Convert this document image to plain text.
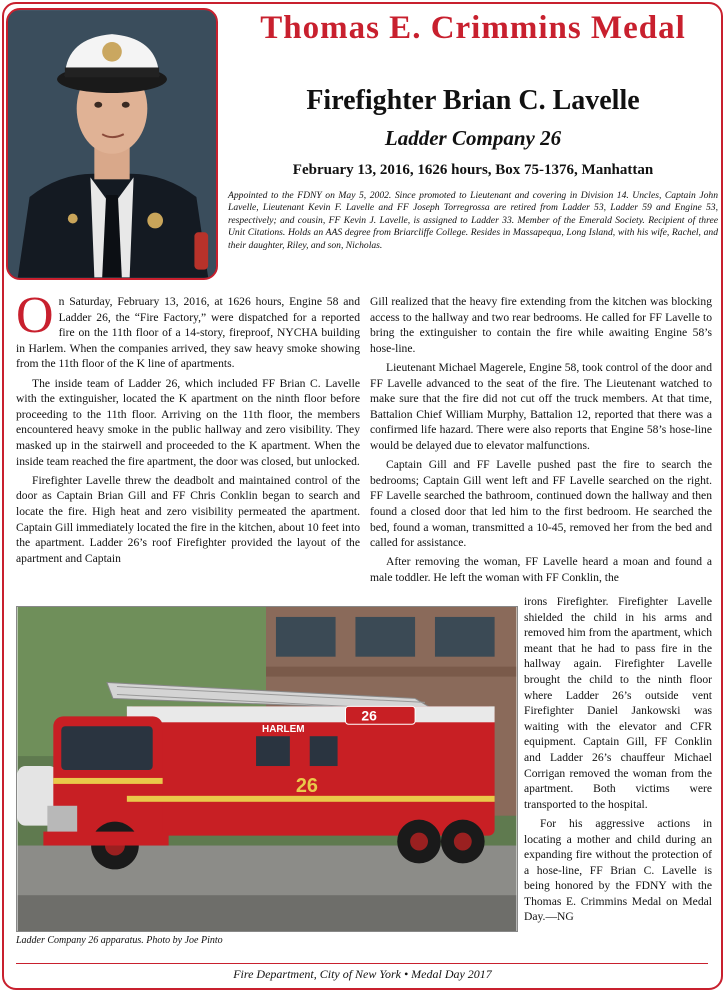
Thomas E. Crimmins Medal
Firefighter Brian C. Lavelle
Ladder Company 26
February 13, 2016, 1626 hours, Box 75-1376, Manhattan
Appointed to the FDNY on May 5, 2002. Since promoted to Lieutenant and covering in Division 14. Uncles, Captain John Lavelle, Lieutenant Kevin F. Lavelle and FF Joseph Torregrossa are retired from Ladder 53, Ladder 59 and Engine 53, respectively; and cousin, FF Kevin J. Lavelle, is assigned to Ladder 33. Member of the Emerald Society. Recipient of three Unit Citations. Holds an AAS degree from Briarcliffe College. Resides in Massapequa, Long Island, with his wife, Rachel, and their daughter, Riley, and son, Nicholas.

On Saturday, February 13, 2016, at 1626 hours, Engine 58 and Ladder 26, the “Fire Factory,” were dispatched for a reported fire on the 11th floor of a 14-story, fireproof, NYCHA building in Harlem. When the companies arrived, they saw heavy smoke showing from the 11th floor of the K line of apartments.

The inside team of Ladder 26, which included FF Brian C. Lavelle with the extinguisher, located the K apartment on the ninth floor before proceeding to the 11th floor. Arriving on the 11th floor, the members encountered heavy smoke in the public hallway and zero visibility. They masked up in the stairwell and proceeded to the K apartment. When the inside team reached the fire apartment, the door was closed, but unlocked.

Firefighter Lavelle threw the deadbolt and maintained control of the door as Captain Brian Gill and FF Chris Conklin began to search and locate the fire. High heat and zero visibility permeated the apartment. Captain Gill immediately located the fire in the kitchen, about 10 feet into the apartment. Ladder 26’s roof Firefighter provided the layout of the apartment and Captain

Gill realized that the heavy fire extending from the kitchen was blocking access to the hallway and two rear bedrooms. He called for FF Lavelle to bring the extinguisher to contain the fire while awaiting Engine 58’s hose-line.

Lieutenant Michael Magerele, Engine 58, took control of the door and FF Lavelle advanced to the seat of the fire. The Lieutenant watched to make sure that the fire did not cut off the truck members. At that time, Battalion Chief William Murphy, Battalion 12, reported that there was a confirmed life hazard. There were also reports that Engine 58’s hose-line would be delayed due to elevator malfunctions.

Captain Gill and FF Lavelle pushed past the fire to search the bedrooms; Captain Gill went left and FF Lavelle searched on the right. FF Lavelle searched the bathroom, continued down the hallway and then found a closed door that led him to the first bedroom. He searched the bed, found a woman, transmitted a 10-45, removed her from the bed and called for assistance.

After removing the woman, FF Lavelle heard a moan and found a male toddler. He left the woman with FF Conklin, the

irons Firefighter. Firefighter Lavelle shielded the child in his arms and removed him from the apartment, which meant that he had to pass fire in the hallway again. Firefighter Lavelle brought the child to the ninth floor where Ladder 26’s outside vent Firefighter Daniel Jankowski was waiting with the elevator and CFR equipment. Captain Gill, FF Conklin and Ladder 26’s chauffeur Michael Corrigan removed the woman from the apartment. Both victims were transported to the hospital.

For his aggressive actions in locating a mother and child during an expanding fire without the protection of a hose-line, FF Brian C. Lavelle is being honored by the FDNY with the Thomas E. Crimmins Medal on Medal Day.—NG

HARLEM
26
26
Ladder Company 26 apparatus. Photo by Joe Pinto
Fire Department, City of New York • Medal Day 2017
